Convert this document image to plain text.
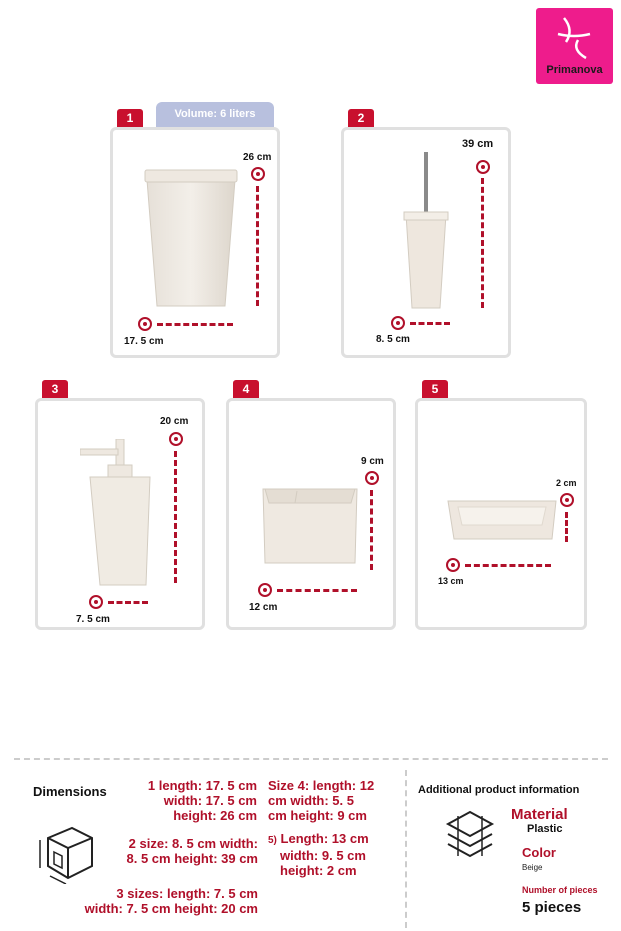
Primanova
1	Volume: 6 liters
26 cm
17. 5 cm
2
39 cm
8. 5 cm
3
20 cm
7. 5 cm
4
9 cm
12 cm
5
2 cm
13 cm
Dimensions	1 length: 17. 5 cm
width: 17. 5 cm
height: 26 cm
2 size: 8. 5 cm width:
8. 5 cm height: 39 cm
3 sizes: length: 7. 5 cm
width: 7. 5 cm height: 20 cm
Size 4: length: 12
cm width: 5. 5
cm height: 9 cm
5) Length: 13 cm
width: 9. 5 cm
height: 2 cm
Additional product information
Material
Plastic
Color
Beige
Number of pieces
5 pieces
